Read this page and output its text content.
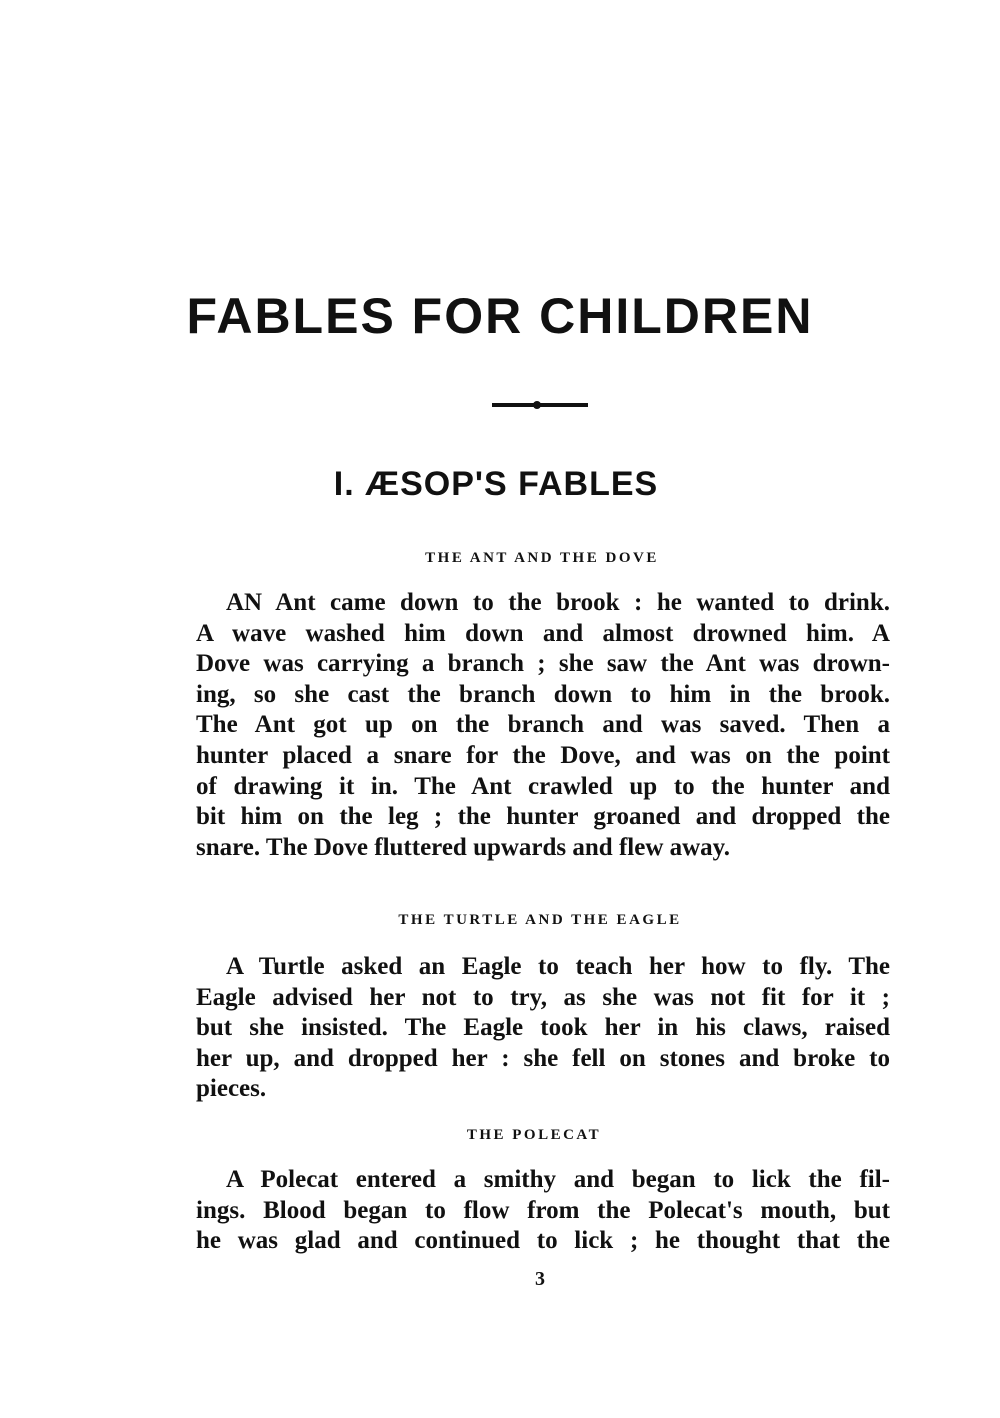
FABLES FOR CHILDREN
I. ÆSOP'S FABLES
THE ANT AND THE DOVE
AN Ant came down to the brook : he wanted to drink.
A wave washed him down and almost drowned him. A
Dove was carrying a branch ; she saw the Ant was drown-
ing, so she cast the branch down to him in the brook.
The Ant got up on the branch and was saved. Then a
hunter placed a snare for the Dove, and was on the point
of drawing it in. The Ant crawled up to the hunter and
bit him on the leg ; the hunter groaned and dropped the
snare. The Dove fluttered upwards and flew away.
THE TURTLE AND THE EAGLE
A Turtle asked an Eagle to teach her how to fly. The
Eagle advised her not to try, as she was not fit for it ;
but she insisted. The Eagle took her in his claws, raised
her up, and dropped her : she fell on stones and broke to
pieces.
THE POLECAT
A Polecat entered a smithy and began to lick the fil-
ings. Blood began to flow from the Polecat's mouth, but
he was glad and continued to lick ; he thought that the
3
